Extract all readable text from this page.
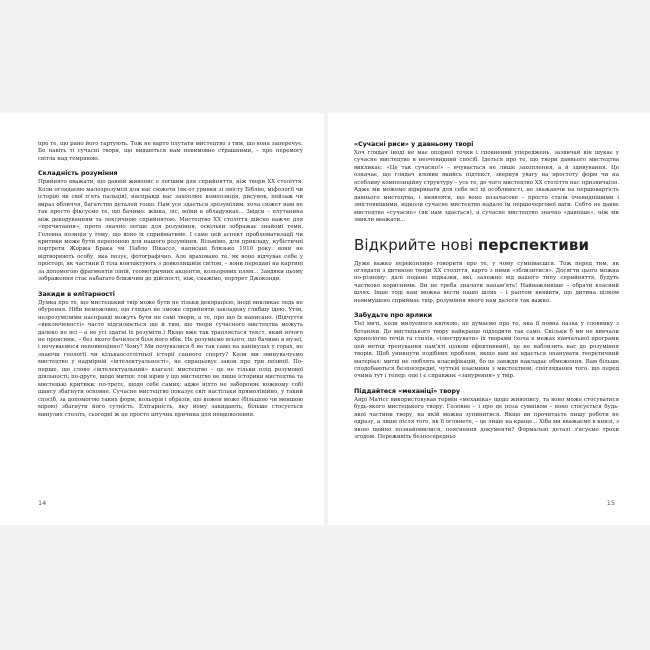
про те, що рано його гартують. Тож не варто плутати мистецтво з тим, що вона заперечує. Бо навіть ті сучасні твори, що видаються нам невимовно страшними, – про перемогу світла над темрявою.

Складність розуміння

Прийнято вважати, що давній живопис є легшим для сприйняття, ніж твори ХХ століття. Коли оглядаємо малозрозумілі для нас сюжети (як-от уривки зі змісту Біблію, міфології чи історію як свої п'ять пальців), насправді нас захоплює композиція, рисунок, пейзаж чи вираз обличчя, багатство деталей тощо. Нам усе здається зрозумілим, хоча сюжет нам не так просто фіксуємо те, що бачимо: жінка, ліс, воїни в обладунках... Звідси – плутанина між декодуванням та лексичною сприйнятою. Мистецтво ХХ століття дійсно важче для «прочитання», проте значно легше для розуміння, оскільки зображає знайомі теми. Головна позиція у тому, що воно іх сприйматиме. І саме цей аспект проблематизації чи критики може бути перепоною для нашого розуміння. Візьмімо, для прикладу, кубістичні портрети Жоржа Брака чи Пабло Пікассо, написані близько 1910 року: вони не відтворюють особу, яка позує, фотографічно. Але враховано те, як воно відчуває себе у просторі, як частини її тіла контактують з довколишнім світом, – вони передані на картині за допомогою фрагментів ліній, геометричних акцентів, кольорових плям... Завдяки цьому зображення стає набагато ближчим до дійсності, ніж, скажімо, портрет Джоконди.

Закиди в елітарності

Думка про те, що мистецький твір може бути не тільки декорацією, іноді викликає ледь не обурення. Ніби неможливо, що глядач не зможе сприйняти закладену глибшу ідею. Утім, незрозумілими насправді можуть бути не самі твори, а те, про що їх написано. (Відчуття «виключеності» часто підсилюється ще й тим, що твори сучасного мистецтва можуть далеко не всі – а не усі здатні їх розуміти.) Якщо вже так трапляється текст, який нічого не прояснює, – без якого бачилося біля його вбік. Не розуміємо всього, що бачимо в музеї, і почуваємося неповноцінно? Чому? Ми почувалися б не так само на канікулах у горах, не знаючи геології чи кількаосотлітньої історії санного спорту? Коли ми звинувачуємо мистецтво у надмірній «інтелектуальності», не спрацьовує закон про три позиції. По-перше, що слово «інтелектуальний» взагалі: мистецтво – це не тільки плід розумової діяльності; по-друге, щодо митця: той вірив у що мистецтво не лише історики мистецтва та мистецькі критики; по-третє, щодо себе самих: адже ніхто не забороняє кожному собі шансу збагнути основне. Сучасне мистецтво показує світ настільки прямолінійно, у такий спосіб, за допомогою таких форм, кольорів і образів, що кожен може (більшою чи меншою мірою) збагнути його сутність. Елітарність, яку йому закидають, більше стосується минулих століть, сьогодні ж це просто штучна причина для невдоволення.

14
«Сучасні риси» у давньому творі

Хоч глядач іноді не має опорної точки і сповнений упереджень, зазвичай він шукає у сучасне мистецтво в неочевидний спосіб. Ідеться про те, що твори давнього мистецтва викликає: «Це так сучасно!» – вчувається не лише захоплення, а й здивування. Це означає, що глядач вловив якийсь підтекст, звернув увагу на простоту форм чи на особливу композиційну структуру – усе те, до чого мистецтво ХХ століття нас призвичаїло. Адже ми можемо відкривати для себе всі ці особливості, не зважаючи на першовартість давнього мистецтва, і виявляти, що воно позачасове – просто стали очевиднішими і змістовнішими, відколи сучасне мистецтво надало їм першочергової ваги. Себто не давнє мистецтво «сучасне» (як нам здається), а сучасне мистецтво значно «давніше», ніж ми звикли вважати...

Відкрийте нові перспективи

Дуже важко переконливо говорити про те, у чому сумніваєшся. Тож перед тим, як оглядати з дитиною твори ХХ століття, варто з ними «зблизитися». Досягти цього можна по-різному: далі подано підказки, які, залежно від вашого типу сприйняття, будуть частково корисними. Ви не треба значати напам'ять! Найважливіше – обрати власний шлях. Інше тоді нам можна вести нашо шлях – і раптом виявити, що дитина цілком невимушено сприймає твір, розуміння якого нам далося так важко.

Забудьте про ярлики

Тієї миті, коли милуємося квіткою, не думаємо про те, яка її повна назва у словнику з ботаніки. До мистецького твору найкраще підходити так само. Скільки б ми не вивчали хронологію течій та стилів, «ілюструвати» їх творами (хоча в межах навчальної програми цей метод тренування пам'яті цілком ефективний), це не наблизить нас до розуміння творів. Щоб уникнути подібних проблем, якщо вам не вдається опанувати теоретичний матеріал: митці не люблять класифікацій, бо це завжди накладає обмеження. Вам більше сподобаються безпосередні, чуттєві взаємини з мистецтвом, споглядання того, що перед очима тут і тепер: оце і є справжнє «занурення» у твір.

Піддайтеся «механіці» твору

Анрі Матісс використовував термін «механіка» щодо живопису, та воно може стосуватися будь-якого мистецького твору. Головне – і про це поза сумнівом – воно стосується будь-якої частини твору, на якій можна зупинитися. Якщо ви прочитаєте пишу роботи не одразу, а лише після того, як її оглянете, – це лише на краще... Хіба ми вважаємо в книзі, з якою щойно познайомилися, пояснення документи? Формальні деталі з'ясуємо трохи згодом. Переживіть безпосередньо

15
